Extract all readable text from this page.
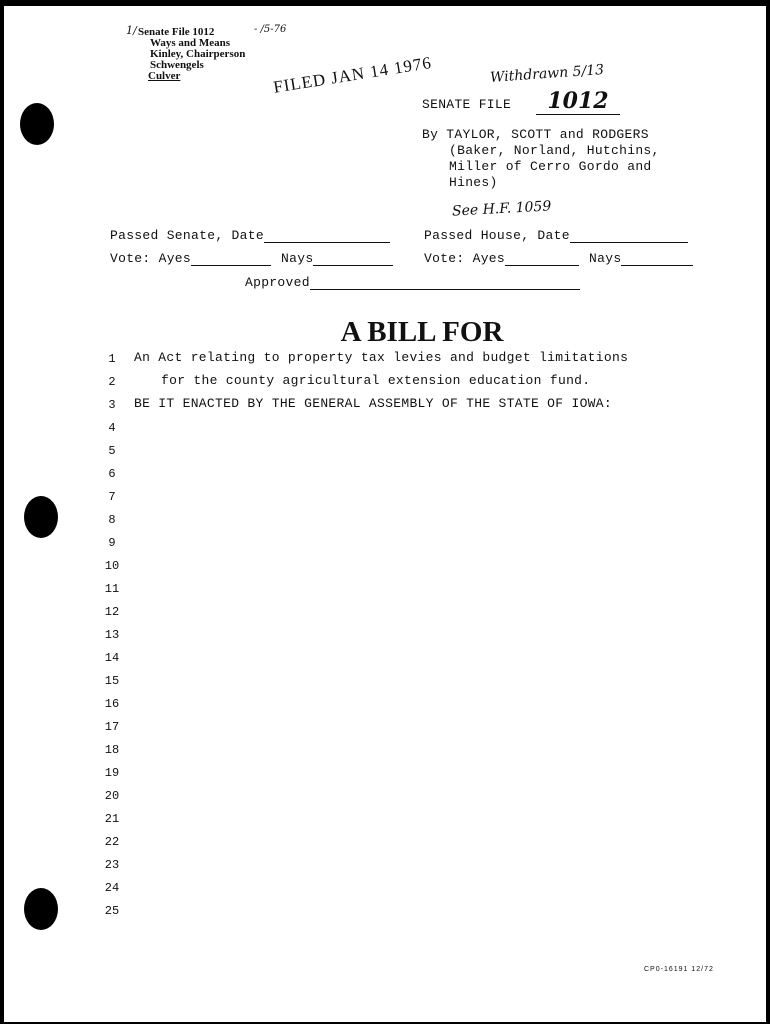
1/ Senate File 1012	- /5-76
Ways and Means
Kinley, Chairperson
Schwengels
Culver	FILED JAN 14 1976	Withdrawn 5/13
SENATE FILE	1012
By TAYLOR, SCOTT and RODGERS
(Baker, Norland, Hutchins,
Miller of Cerro Gordo and
Hines)
See H.F. 1059
Passed Senate, Date	Passed House, Date
Vote: Ayes	Nays	Vote: Ayes	Nays
Approved
A BILL FOR
An Act relating to property tax levies and budget limitations
for the county agricultural extension education fund.
BE IT ENACTED BY THE GENERAL ASSEMBLY OF THE STATE OF IOWA:
1
2
3
4
5
6
7
8
9
10
11
12
13
14
15
16
17
18
19
20
21
22
23
24
25
CP0-16191 12/72
